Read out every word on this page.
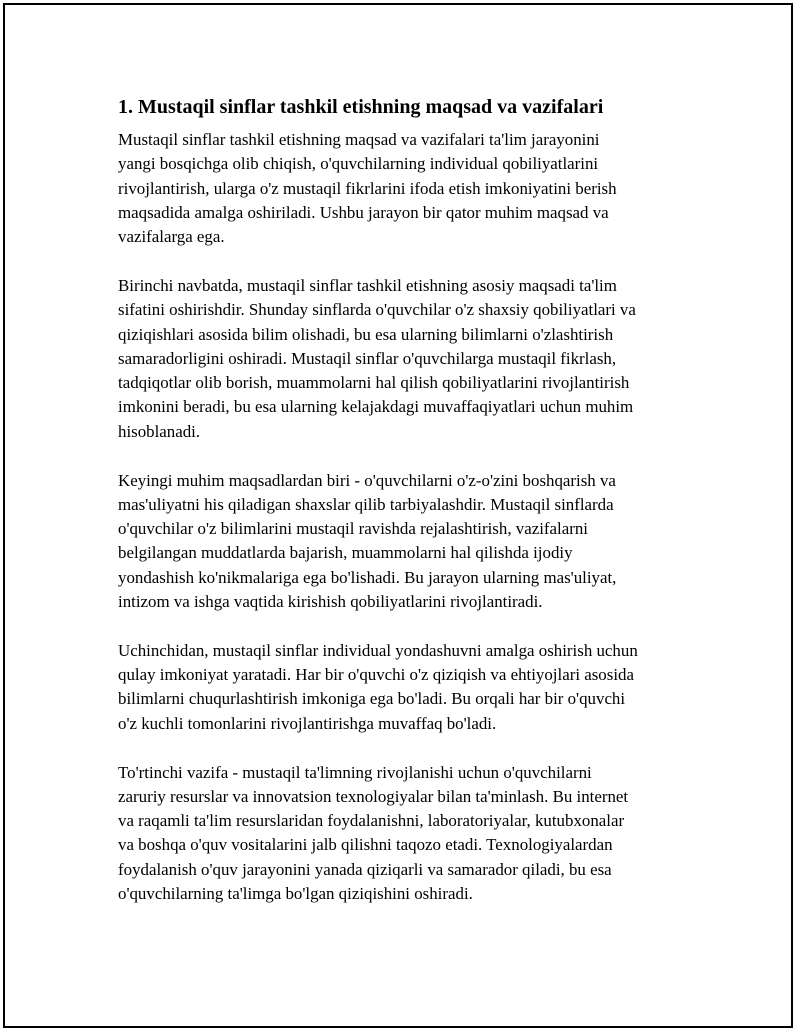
1. Mustaqil sinflar tashkil etishning maqsad va vazifalari

Mustaqil sinflar tashkil etishning maqsad va vazifalari ta'lim jarayonini
yangi bosqichga olib chiqish, o'quvchilarning individual qobiliyatlarini
rivojlantirish, ularga o'z mustaqil fikrlarini ifoda etish imkoniyatini berish
maqsadida amalga oshiriladi. Ushbu jarayon bir qator muhim maqsad va
vazifalarga ega.

Birinchi navbatda, mustaqil sinflar tashkil etishning asosiy maqsadi ta'lim
sifatini oshirishdir. Shunday sinflarda o'quvchilar o'z shaxsiy qobiliyatlari va
qiziqishlari asosida bilim olishadi, bu esa ularning bilimlarni o'zlashtirish
samaradorligini oshiradi. Mustaqil sinflar o'quvchilarga mustaqil fikrlash,
tadqiqotlar olib borish, muammolarni hal qilish qobiliyatlarini rivojlantirish
imkonini beradi, bu esa ularning kelajakdagi muvaffaqiyatlari uchun muhim
hisoblanadi.

Keyingi muhim maqsadlardan biri - o'quvchilarni o'z-o'zini boshqarish va
mas'uliyatni his qiladigan shaxslar qilib tarbiyalashdir. Mustaqil sinflarda
o'quvchilar o'z bilimlarini mustaqil ravishda rejalashtirish, vazifalarni
belgilangan muddatlarda bajarish, muammolarni hal qilishda ijodiy
yondashish ko'nikmalariga ega bo'lishadi. Bu jarayon ularning mas'uliyat,
intizom va ishga vaqtida kirishish qobiliyatlarini rivojlantiradi.

Uchinchidan, mustaqil sinflar individual yondashuvni amalga oshirish uchun
qulay imkoniyat yaratadi. Har bir o'quvchi o'z qiziqish va ehtiyojlari asosida
bilimlarni chuqurlashtirish imkoniga ega bo'ladi. Bu orqali har bir o'quvchi
o'z kuchli tomonlarini rivojlantirishga muvaffaq bo'ladi.

To'rtinchi vazifa - mustaqil ta'limning rivojlanishi uchun o'quvchilarni
zaruriy resurslar va innovatsion texnologiyalar bilan ta'minlash. Bu internet
va raqamli ta'lim resurslaridan foydalanishni, laboratoriyalar, kutubxonalar
va boshqa o'quv vositalarini jalb qilishni taqozo etadi. Texnologiyalardan
foydalanish o'quv jarayonini yanada qiziqarli va samarador qiladi, bu esa
o'quvchilarning ta'limga bo'lgan qiziqishini oshiradi.
